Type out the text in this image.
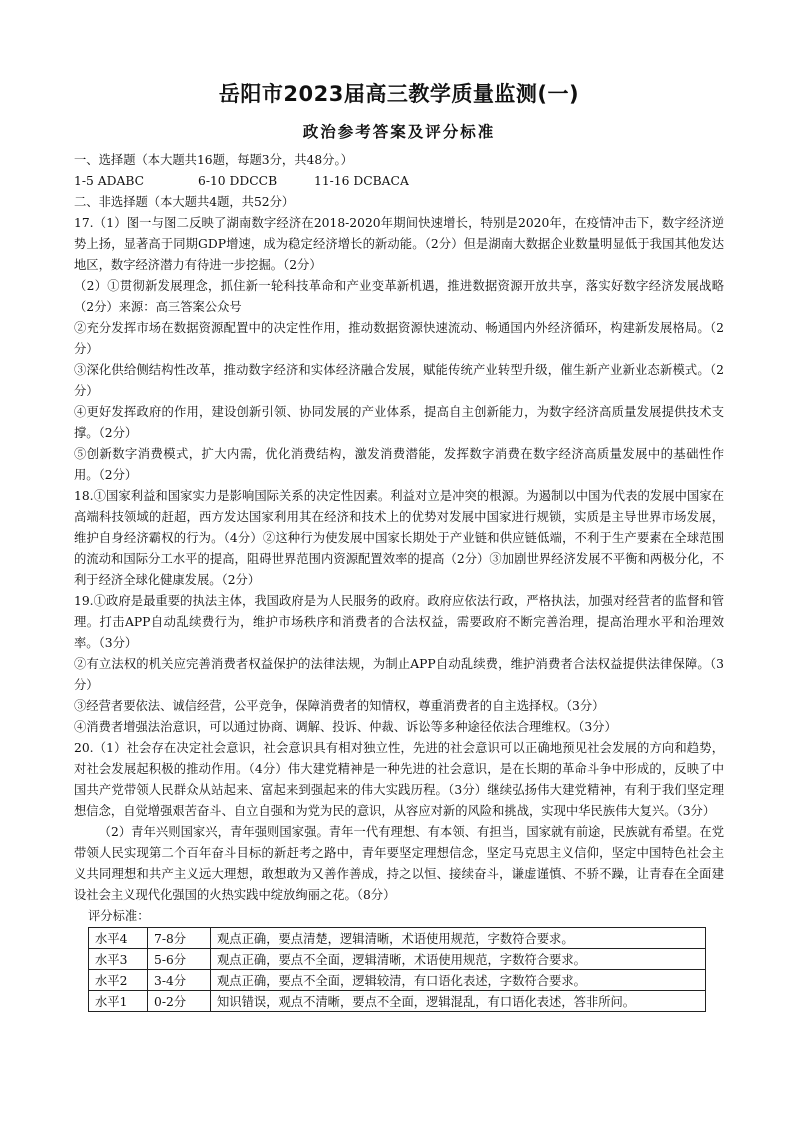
岳阳市2023届高三教学质量监测(一)
政治参考答案及评分标准
一、选择题（本大题共16题，每题3分，共48分。）
1-5 ADABC	6-10 DDCCB	11-16 DCBACA
二、非选择题（本大题共4题，共52分）
17.（1）图一与图二反映了湖南数字经济在2018-2020年期间快速增长，特别是2020年，在疫情冲击下，数字经济逆势上扬，显著高于同期GDP增速，成为稳定经济增长的新动能。（2分）但是湖南大数据企业数量明显低于我国其他发达地区，数字经济潜力有待进一步挖掘。（2分）
（2）①贯彻新发展理念，抓住新一轮科技革命和产业变革新机遇，推进数据资源开放共享，落实好数字经济发展战略（2分）来源：高三答案公众号
②充分发挥市场在数据资源配置中的决定性作用，推动数据资源快速流动、畅通国内外经济循环，构建新发展格局。（2分）
③深化供给侧结构性改革，推动数字经济和实体经济融合发展，赋能传统产业转型升级，催生新产业新业态新模式。（2分）
④更好发挥政府的作用，建设创新引领、协同发展的产业体系，提高自主创新能力，为数字经济高质量发展提供技术支撑。（2分）
⑤创新数字消费模式，扩大内需，优化消费结构，激发消费潜能，发挥数字消费在数字经济高质量发展中的基础性作用。（2分）
18.①国家利益和国家实力是影响国际关系的决定性因素。利益对立是冲突的根源。为遏制以中国为代表的发展中国家在高端科技领域的赶超，西方发达国家利用其在经济和技术上的优势对发展中国家进行规锁，实质是主导世界市场发展，维护自身经济霸权的行为。（4分）②这种行为使发展中国家长期处于产业链和供应链低端，不利于生产要素在全球范围的流动和国际分工水平的提高，阻碍世界范围内资源配置效率的提高（2分）③加剧世界经济发展不平衡和两极分化，不利于经济全球化健康发展。（2分）
19.①政府是最重要的执法主体，我国政府是为人民服务的政府。政府应依法行政，严格执法，加强对经营者的监督和管理。打击APP自动乱续费行为，维护市场秩序和消费者的合法权益，需要政府不断完善治理，提高治理水平和治理效率。（3分）
②有立法权的机关应完善消费者权益保护的法律法规，为制止APP自动乱续费，维护消费者合法权益提供法律保障。（3分）
③经营者要依法、诚信经营，公平竞争，保障消费者的知情权，尊重消费者的自主选择权。（3分）
④消费者增强法治意识，可以通过协商、调解、投诉、仲裁、诉讼等多种途径依法合理维权。（3分）
20.（1）社会存在决定社会意识，社会意识具有相对独立性，先进的社会意识可以正确地预见社会发展的方向和趋势，对社会发展起积极的推动作用。（4分）伟大建党精神是一种先进的社会意识，是在长期的革命斗争中形成的，反映了中国共产党带领人民群众从站起来、富起来到强起来的伟大实践历程。（3分）继续弘扬伟大建党精神，有利于我们坚定理想信念，自觉增强艰苦奋斗、自立自强和为党为民的意识，从容应对新的风险和挑战，实现中华民族伟大复兴。（3分）
（2）青年兴则国家兴，青年强则国家强。青年一代有理想、有本领、有担当，国家就有前途，民族就有希望。在党带领人民实现第二个百年奋斗目标的新赶考之路中，青年要坚定理想信念，坚定马克思主义信仰，坚定中国特色社会主义共同理想和共产主义远大理想，敢想敢为又善作善成，持之以恒、接续奋斗，谦虚谨慎、不骄不躁，让青春在全面建设社会主义现代化强国的火热实践中绽放绚丽之花。（8分）
评分标准：
水平4	7-8分	观点正确，要点清楚，逻辑清晰，术语使用规范，字数符合要求。
水平3	5-6分	观点正确，要点不全面，逻辑清晰，术语使用规范，字数符合要求。
水平2	3-4分	观点正确，要点不全面，逻辑较清，有口语化表述，字数符合要求。
水平1	0-2分	知识错误，观点不清晰，要点不全面，逻辑混乱，有口语化表述，答非所问。
